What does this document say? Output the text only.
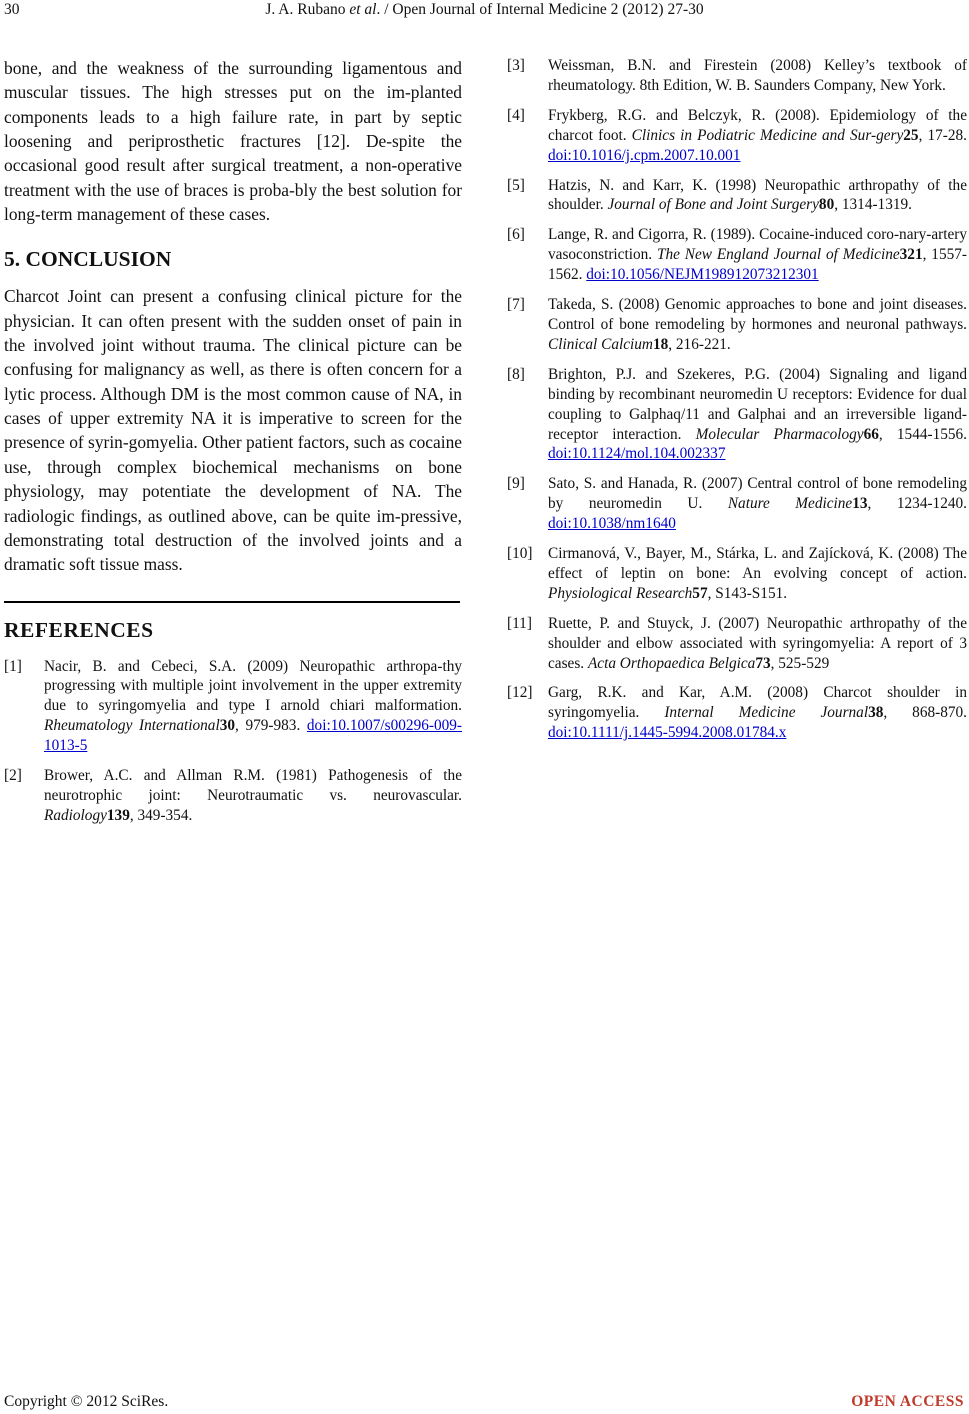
30	J. A. Rubano et al. / Open Journal of Internal Medicine 2 (2012) 27-30

bone, and the weakness of the surrounding ligamentous and muscular tissues. The high stresses put on the im-planted components leads to a high failure rate, in part by septic loosening and periprosthetic fractures [12]. De-spite the occasional good result after surgical treatment, a non-operative treatment with the use of braces is proba-bly the best solution for long-term management of these cases.

5. CONCLUSION

Charcot Joint can present a confusing clinical picture for the physician. It can often present with the sudden onset of pain in the involved joint without trauma. The clinical picture can be confusing for malignancy as well, as there is often concern for a lytic process. Although DM is the most common cause of NA, in cases of upper extremity NA it is imperative to screen for the presence of syrin-gomyelia. Other patient factors, such as cocaine use, through complex biochemical mechanisms on bone physiology, may potentiate the development of NA. The radiologic findings, as outlined above, can be quite im-pressive, demonstrating total destruction of the involved joints and a dramatic soft tissue mass.

REFERENCES
[1] Nacir, B. and Cebeci, S.A. (2009) Neuropathic arthropa-thy progressing with multiple joint involvement in the upper extremity due to syringomyelia and type I arnold chiari malformation. Rheumatology International30, 979-983. doi:10.1007/s00296-009-1013-5
[2] Brower, A.C. and Allman R.M. (1981) Pathogenesis of the neurotrophic joint: Neurotraumatic vs. neurovascular. Radiology139, 349-354.
[3] Weissman, B.N. and Firestein (2008) Kelley’s textbook of rheumatology. 8th Edition, W. B. Saunders Company, New York.
[4] Frykberg, R.G. and Belczyk, R. (2008). Epidemiology of the charcot foot. Clinics in Podiatric Medicine and Sur-gery25, 17-28. doi:10.1016/j.cpm.2007.10.001
[5] Hatzis, N. and Karr, K. (1998) Neuropathic arthropathy of the shoulder. Journal of Bone and Joint Surgery80, 1314-1319.
[6] Lange, R. and Cigorra, R. (1989). Cocaine-induced coro-nary-artery vasoconstriction. The New England Journal of Medicine321, 1557-1562. doi:10.1056/NEJM198912073212301
[7] Takeda, S. (2008) Genomic approaches to bone and joint diseases. Control of bone remodeling by hormones and neuronal pathways. Clinical Calcium18, 216-221.
[8] Brighton, P.J. and Szekeres, P.G. (2004) Signaling and ligand binding by recombinant neuromedin U receptors: Evidence for dual coupling to Galphaq/11 and Galphai and an irreversible ligand-receptor interaction. Molecular Pharmacology66, 1544-1556. doi:10.1124/mol.104.002337
[9] Sato, S. and Hanada, R. (2007) Central control of bone remodeling by neuromedin U. Nature Medicine13, 1234-1240. doi:10.1038/nm1640
[10] Cirmanová, V., Bayer, M., Stárka, L. and Zajícková, K. (2008) The effect of leptin on bone: An evolving concept of action. Physiological Research57, S143-S151.
[11] Ruette, P. and Stuyck, J. (2007) Neuropathic arthropathy of the shoulder and elbow associated with syringomyelia: A report of 3 cases. Acta Orthopaedica Belgica73, 525-529
[12] Garg, R.K. and Kar, A.M. (2008) Charcot shoulder in syringomyelia. Internal Medicine Journal38, 868-870. doi:10.1111/j.1445-5994.2008.01784.x
Copyright © 2012 SciRes.	OPEN ACCESS
